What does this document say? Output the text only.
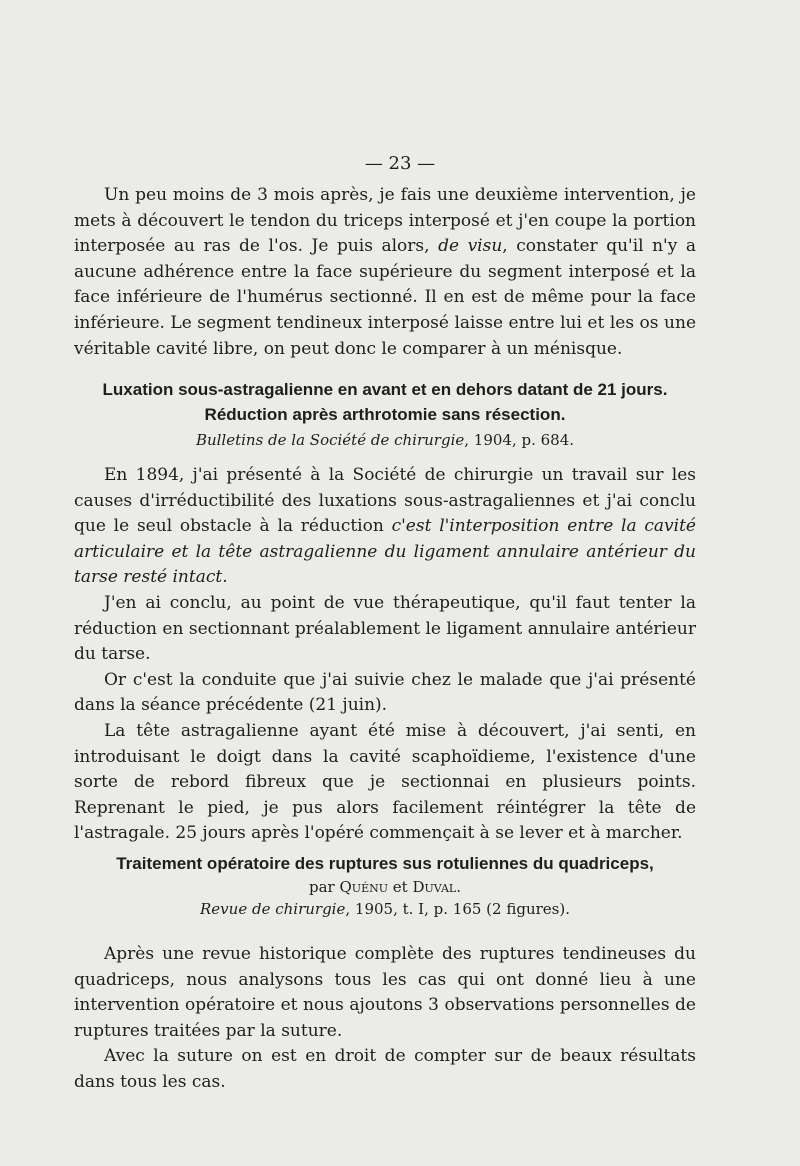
— 23 —

Un peu moins de 3 mois après, je fais une deuxième intervention, je mets à découvert le tendon du triceps interposé et j'en coupe la portion interposée au ras de l'os. Je puis alors, de visu, constater qu'il n'y a aucune adhérence entre la face supérieure du segment interposé et la face inférieure de l'humérus sectionné. Il en est de même pour la face inférieure. Le segment tendineux interposé laisse entre lui et les os une véritable cavité libre, on peut donc le comparer à un ménisque.

Luxation sous-astragalienne en avant et en dehors datant de 21 jours.

Réduction après arthrotomie sans résection.

Bulletins de la Société de chirurgie, 1904, p. 684.

En 1894, j'ai présenté à la Société de chirurgie un travail sur les causes d'irréductibilité des luxations sous-astragaliennes et j'ai conclu que le seul obstacle à la réduction c'est l'interposition entre la cavité articulaire et la tête astragalienne du ligament annulaire antérieur du tarse resté intact.

J'en ai conclu, au point de vue thérapeutique, qu'il faut tenter la réduction en sectionnant préalablement le ligament annulaire antérieur du tarse.

Or c'est la conduite que j'ai suivie chez le malade que j'ai présenté dans la séance précédente (21 juin).

La tête astragalienne ayant été mise à découvert, j'ai senti, en introduisant le doigt dans la cavité scaphoïdieme, l'existence d'une sorte de rebord fibreux que je sectionnai en plusieurs points. Reprenant le pied, je pus alors facilement réintégrer la tête de l'astragale. 25 jours après l'opéré commençait à se lever et à marcher.

Traitement opératoire des ruptures sus rotuliennes du quadriceps,

par Quénu et Duval.

Revue de chirurgie, 1905, t. I, p. 165 (2 figures).

Après une revue historique complète des ruptures tendineuses du quadriceps, nous analysons tous les cas qui ont donné lieu à une intervention opératoire et nous ajoutons 3 observations personnelles de ruptures traitées par la suture.

Avec la suture on est en droit de compter sur de beaux résultats dans tous les cas.
